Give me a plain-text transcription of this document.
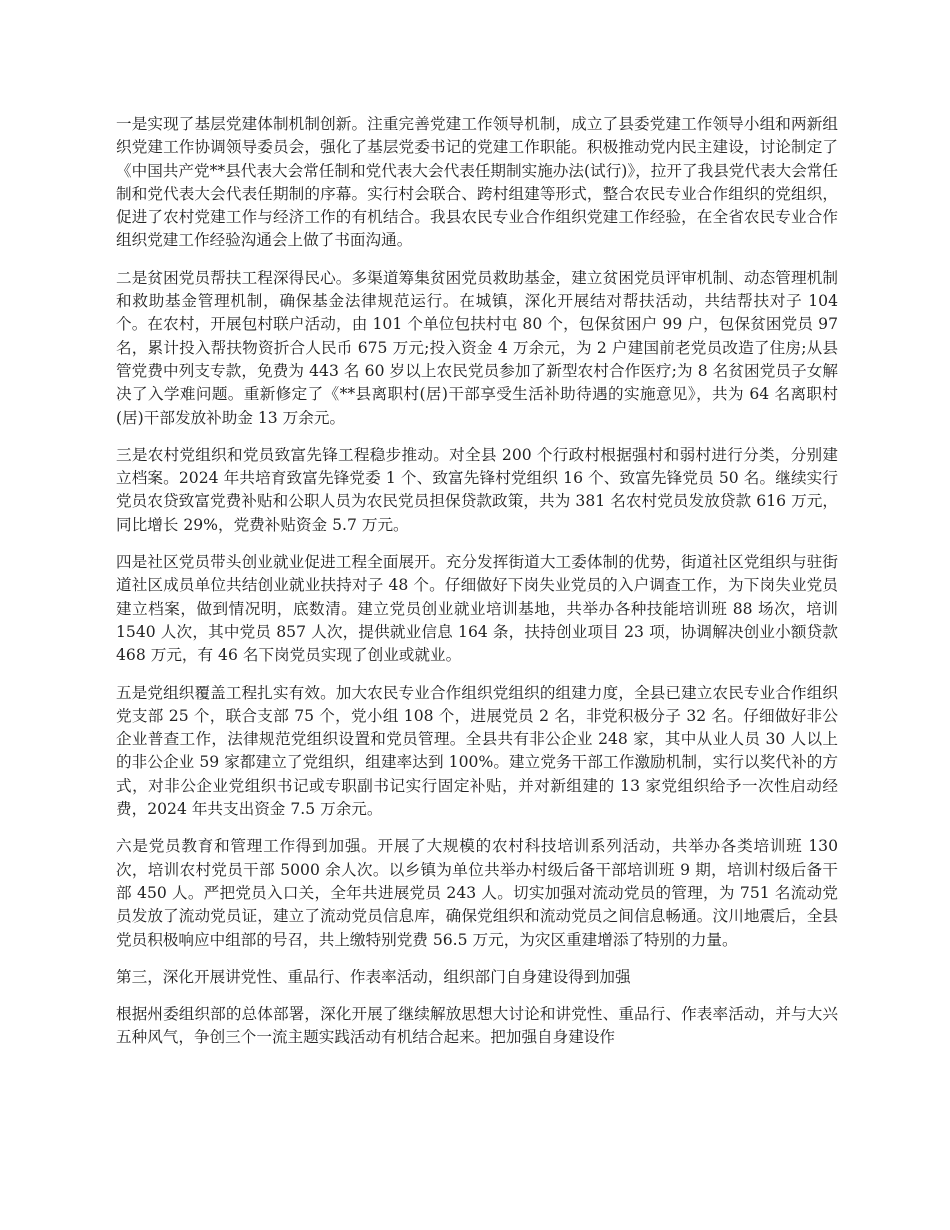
一是实现了基层党建体制机制创新。注重完善党建工作领导机制，成立了县委党建工作领导小组和两新组织党建工作协调领导委员会，强化了基层党委书记的党建工作职能。积极推动党内民主建设，讨论制定了《中国共产党**县代表大会常任制和党代表大会代表任期制实施办法(试行)》，拉开了我县党代表大会常任制和党代表大会代表任期制的序幕。实行村会联合、跨村组建等形式，整合农民专业合作组织的党组织，促进了农村党建工作与经济工作的有机结合。我县农民专业合作组织党建工作经验，在全省农民专业合作组织党建工作经验沟通会上做了书面沟通。

二是贫困党员帮扶工程深得民心。多渠道筹集贫困党员救助基金，建立贫困党员评审机制、动态管理机制和救助基金管理机制，确保基金法律规范运行。在城镇，深化开展结对帮扶活动，共结帮扶对子 104 个。在农村，开展包村联户活动，由 101 个单位包扶村屯 80 个，包保贫困户 99 户，包保贫困党员 97 名，累计投入帮扶物资折合人民币 675 万元;投入资金 4 万余元，为 2 户建国前老党员改造了住房;从县管党费中列支专款，免费为 443 名 60 岁以上农民党员参加了新型农村合作医疗;为 8 名贫困党员子女解决了入学难问题。重新修定了《**县离职村(居)干部享受生活补助待遇的实施意见》，共为 64 名离职村(居)干部发放补助金 13 万余元。

三是农村党组织和党员致富先锋工程稳步推动。对全县 200 个行政村根据强村和弱村进行分类，分别建立档案。2024 年共培育致富先锋党委 1 个、致富先锋村党组织 16 个、致富先锋党员 50 名。继续实行党员农贷致富党费补贴和公职人员为农民党员担保贷款政策，共为 381 名农村党员发放贷款 616 万元，同比增长 29%，党费补贴资金 5.7 万元。

四是社区党员带头创业就业促进工程全面展开。充分发挥街道大工委体制的优势，街道社区党组织与驻街道社区成员单位共结创业就业扶持对子 48 个。仔细做好下岗失业党员的入户调查工作，为下岗失业党员建立档案，做到情况明，底数清。建立党员创业就业培训基地，共举办各种技能培训班 88 场次，培训 1540 人次，其中党员 857 人次，提供就业信息 164 条，扶持创业项目 23 项，协调解决创业小额贷款 468 万元，有 46 名下岗党员实现了创业或就业。

五是党组织覆盖工程扎实有效。加大农民专业合作组织党组织的组建力度，全县已建立农民专业合作组织党支部 25 个，联合支部 75 个，党小组 108 个，进展党员 2 名，非党积极分子 32 名。仔细做好非公企业普查工作，法律规范党组织设置和党员管理。全县共有非公企业 248 家，其中从业人员 30 人以上的非公企业 59 家都建立了党组织，组建率达到 100%。建立党务干部工作激励机制，实行以奖代补的方式，对非公企业党组织书记或专职副书记实行固定补贴，并对新组建的 13 家党组织给予一次性启动经费，2024 年共支出资金 7.5 万余元。

六是党员教育和管理工作得到加强。开展了大规模的农村科技培训系列活动，共举办各类培训班 130 次，培训农村党员干部 5000 余人次。以乡镇为单位共举办村级后备干部培训班 9 期，培训村级后备干部 450 人。严把党员入口关，全年共进展党员 243 人。切实加强对流动党员的管理，为 751 名流动党员发放了流动党员证，建立了流动党员信息库，确保党组织和流动党员之间信息畅通。汶川地震后，全县党员积极响应中组部的号召，共上缴特别党费 56.5 万元，为灾区重建增添了特别的力量。

第三，深化开展讲党性、重品行、作表率活动，组织部门自身建设得到加强

根据州委组织部的总体部署，深化开展了继续解放思想大讨论和讲党性、重品行、作表率活动，并与大兴五种风气，争创三个一流主题实践活动有机结合起来。把加强自身建设作
